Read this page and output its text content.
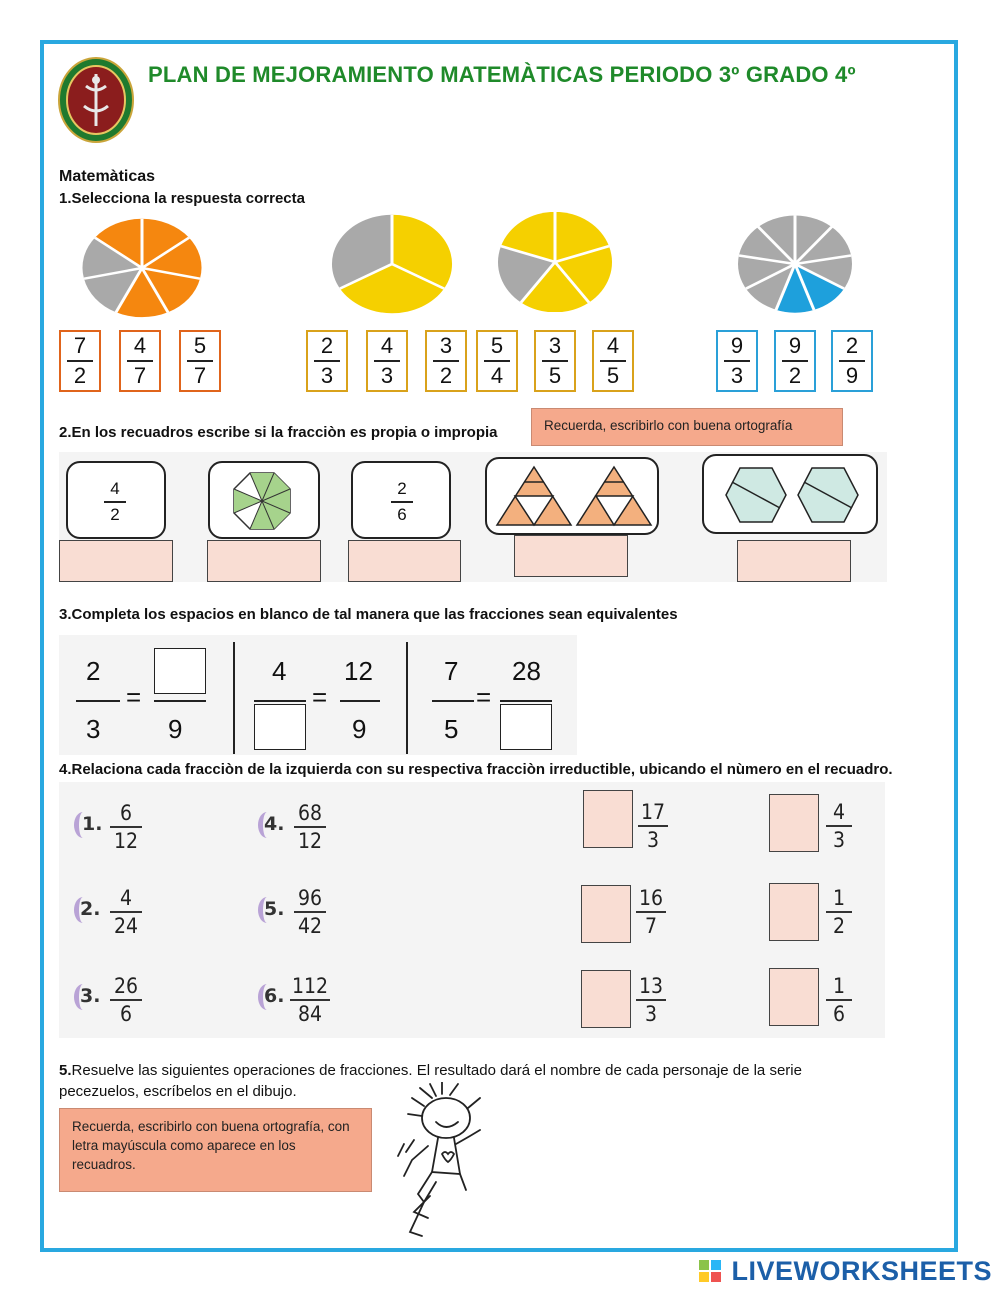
PLAN DE MEJORAMIENTO MATEMÀTICAS PERIODO 3º GRADO 4º
Matemàticas
1.Selecciona la respuesta correcta
7
2
4
7
5
7
2
3
4
3
3
2
5
4
3
5
4
5
9
3
9
2
2
9
2.En los recuadros escribe si la fracciòn es propia o impropia	Recuerda, escribirlo con buena ortografía
4
2
2
6
3.Completa los espacios en blanco de tal manera que las fracciones sean equivalentes
2
3
=
9
4
=
12
9
7
5
=
28
4.Relaciona cada fracciòn de la izquierda con su respectiva fracciòn irreductible, ubicando el nùmero en el recuadro.
1. 6
12
2. 4
24
3. 26
6
4. 68
12
5. 96
42
6. 112
84
17
3
16
7
13
3
4
3
1
2
1
6
5.Resuelve las siguientes operaciones de fracciones. El resultado dará el nombre de cada personaje de la serie pecezuelos, escríbelos en el dibujo.
Recuerda, escribirlo con buena ortografía, con letra mayúscula como aparece en los recuadros.
LIVEWORKSHEETS
